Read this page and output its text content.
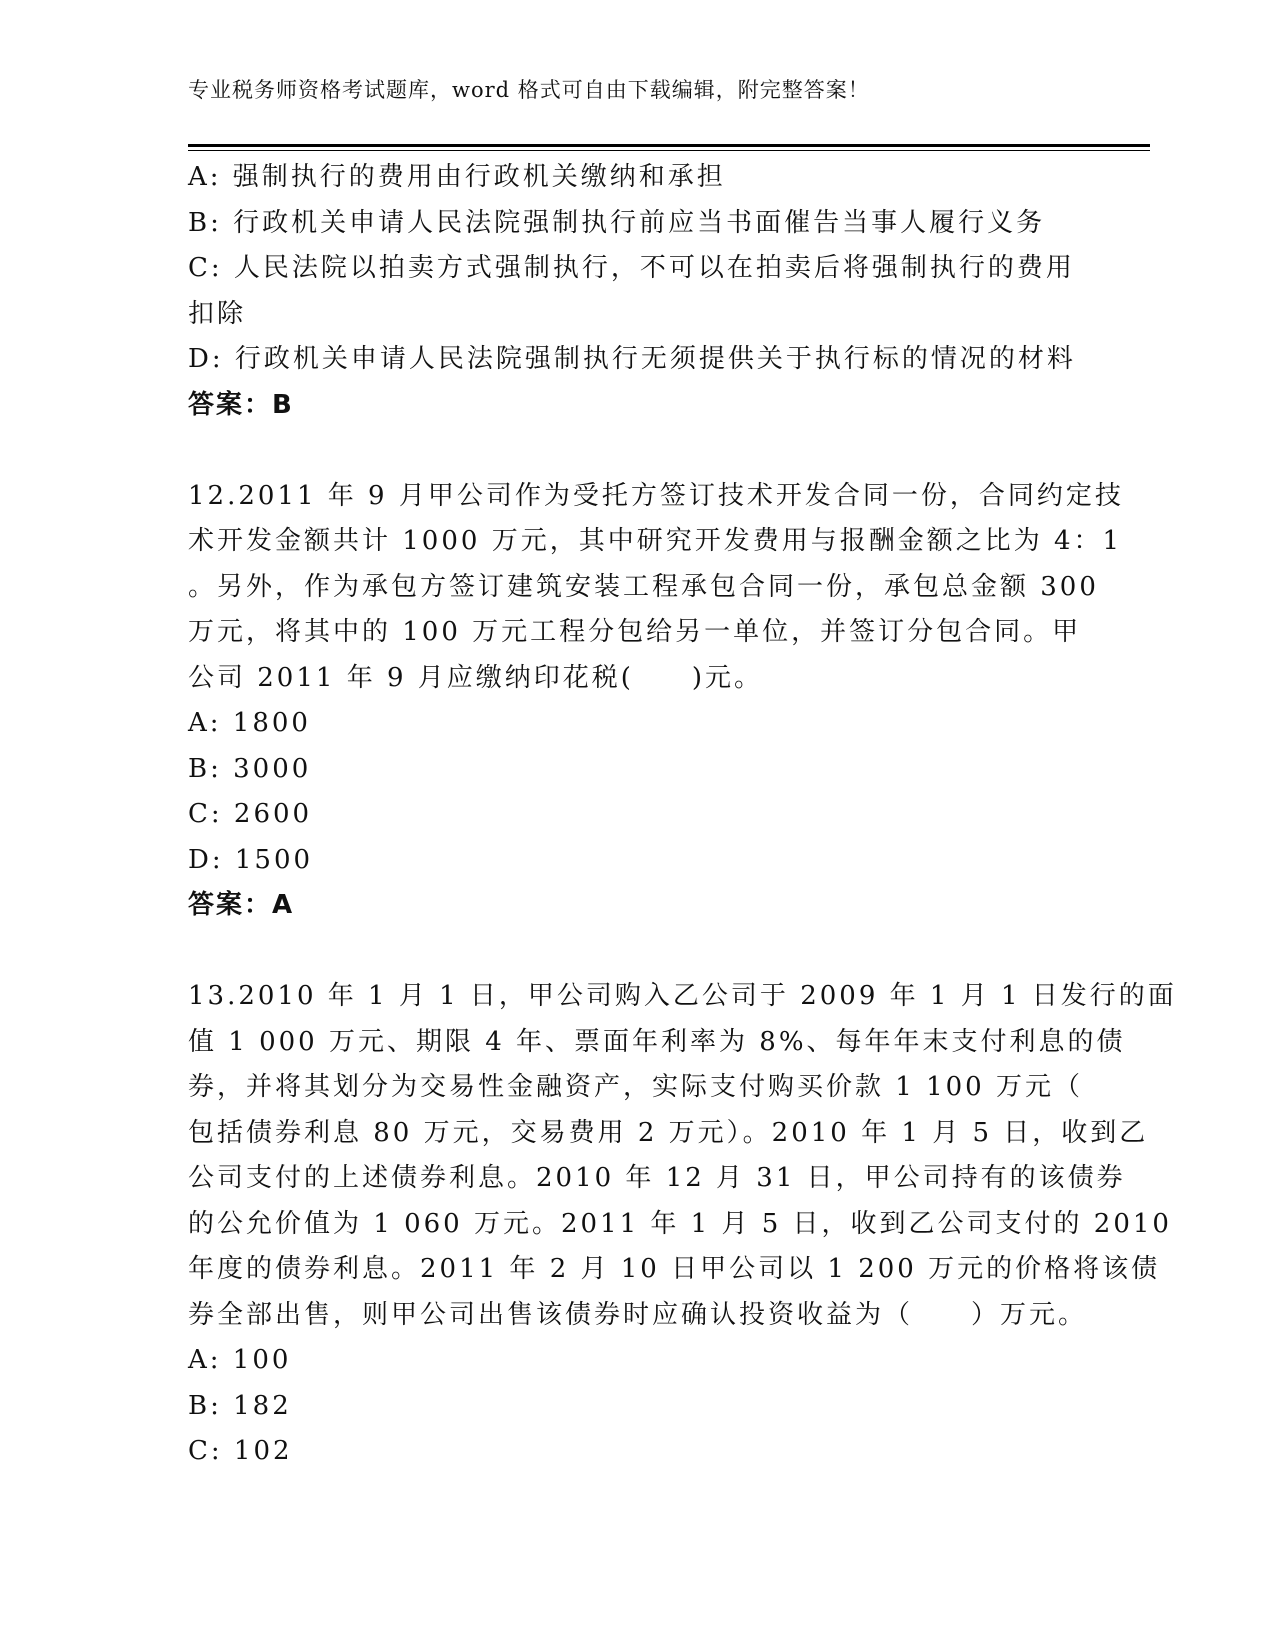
专业税务师资格考试题库，word 格式可自由下载编辑，附完整答案！
A: 强制执行的费用由行政机关缴纳和承担
B: 行政机关申请人民法院强制执行前应当书面催告当事人履行义务
C: 人民法院以拍卖方式强制执行，不可以在拍卖后将强制执行的费用
扣除
D: 行政机关申请人民法院强制执行无须提供关于执行标的情况的材料
答案：B
12.2011 年 9 月甲公司作为受托方签订技术开发合同一份，合同约定技
术开发金额共计 1000 万元，其中研究开发费用与报酬金额之比为 4：1
。另外，作为承包方签订建筑安装工程承包合同一份，承包总金额 300
万元，将其中的 100 万元工程分包给另一单位，并签订分包合同。甲
公司 2011 年 9 月应缴纳印花税(　　)元。
A: 1800
B: 3000
C: 2600
D: 1500
答案：A
13.2010 年 1 月 1 日，甲公司购入乙公司于 2009 年 1 月 1 日发行的面
值 1 000 万元、期限 4 年、票面年利率为 8%、每年年末支付利息的债
券，并将其划分为交易性金融资产，实际支付购买价款 1 100 万元（
包括债券利息 80 万元，交易费用 2 万元）。2010 年 1 月 5 日，收到乙
公司支付的上述债券利息。2010 年 12 月 31 日，甲公司持有的该债券
的公允价值为 1 060 万元。2011 年 1 月 5 日，收到乙公司支付的 2010
年度的债券利息。2011 年 2 月 10 日甲公司以 1 200 万元的价格将该债
券全部出售，则甲公司出售该债券时应确认投资收益为（　　）万元。
A: 100
B: 182
C: 102
